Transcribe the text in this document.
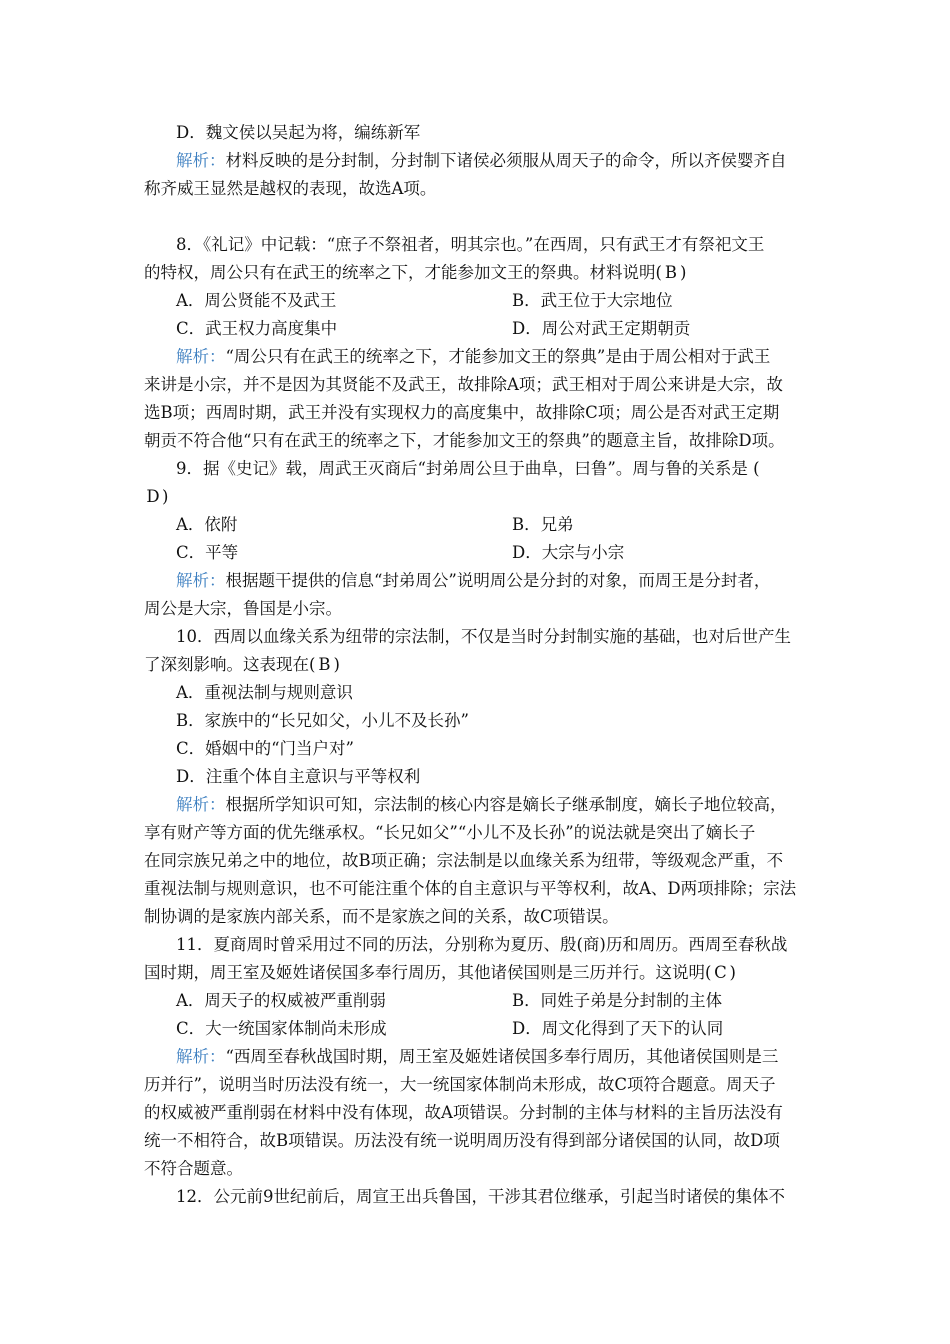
D．魏文侯以吴起为将，编练新军
解析：材料反映的是分封制，分封制下诸侯必须服从周天子的命令，所以齐侯婴齐自
称齐威王显然是越权的表现，故选A项。
8．《礼记》中记载：“庶子不祭祖者，明其宗也。”在西周，只有武王才有祭祀文王
的特权，周公只有在武王的统率之下，才能参加文王的祭典。材料说明( B )
A．周公贤能不及武王	B．武王位于大宗地位
C．武王权力高度集中	D．周公对武王定期朝贡
解析：“周公只有在武王的统率之下，才能参加文王的祭典”是由于周公相对于武王
来讲是小宗，并不是因为其贤能不及武王，故排除A项；武王相对于周公来讲是大宗，故
选B项；西周时期，武王并没有实现权力的高度集中，故排除C项；周公是否对武王定期
朝贡不符合他“只有在武王的统率之下，才能参加文王的祭典”的题意主旨，故排除D项。
9．据《史记》载，周武王灭商后“封弟周公旦于曲阜，曰鲁”。周与鲁的关系是 (
D )
A．依附	B．兄弟
C．平等	D．大宗与小宗
解析：根据题干提供的信息“封弟周公”说明周公是分封的对象，而周王是分封者，
周公是大宗，鲁国是小宗。
10．西周以血缘关系为纽带的宗法制，不仅是当时分封制实施的基础，也对后世产生
了深刻影响。这表现在( B )
A．重视法制与规则意识
B．家族中的“长兄如父，小儿不及长孙”
C．婚姻中的“门当户对”
D．注重个体自主意识与平等权利
解析：根据所学知识可知，宗法制的核心内容是嫡长子继承制度，嫡长子地位较高，
享有财产等方面的优先继承权。“长兄如父”“小儿不及长孙”的说法就是突出了嫡长子
在同宗族兄弟之中的地位，故B项正确；宗法制是以血缘关系为纽带，等级观念严重，不
重视法制与规则意识，也不可能注重个体的自主意识与平等权利，故A、D两项排除；宗法
制协调的是家族内部关系，而不是家族之间的关系，故C项错误。
11．夏商周时曾采用过不同的历法，分别称为夏历、殷(商)历和周历。西周至春秋战
国时期，周王室及姬姓诸侯国多奉行周历，其他诸侯国则是三历并行。这说明( C )
A．周天子的权威被严重削弱	B．同姓子弟是分封制的主体
C．大一统国家体制尚未形成	D．周文化得到了天下的认同
解析：“西周至春秋战国时期，周王室及姬姓诸侯国多奉行周历，其他诸侯国则是三
历并行”，说明当时历法没有统一，大一统国家体制尚未形成，故C项符合题意。周天子
的权威被严重削弱在材料中没有体现，故A项错误。分封制的主体与材料的主旨历法没有
统一不相符合，故B项错误。历法没有统一说明周历没有得到部分诸侯国的认同，故D项
不符合题意。
12．公元前9世纪前后，周宣王出兵鲁国，干涉其君位继承，引起当时诸侯的集体不
